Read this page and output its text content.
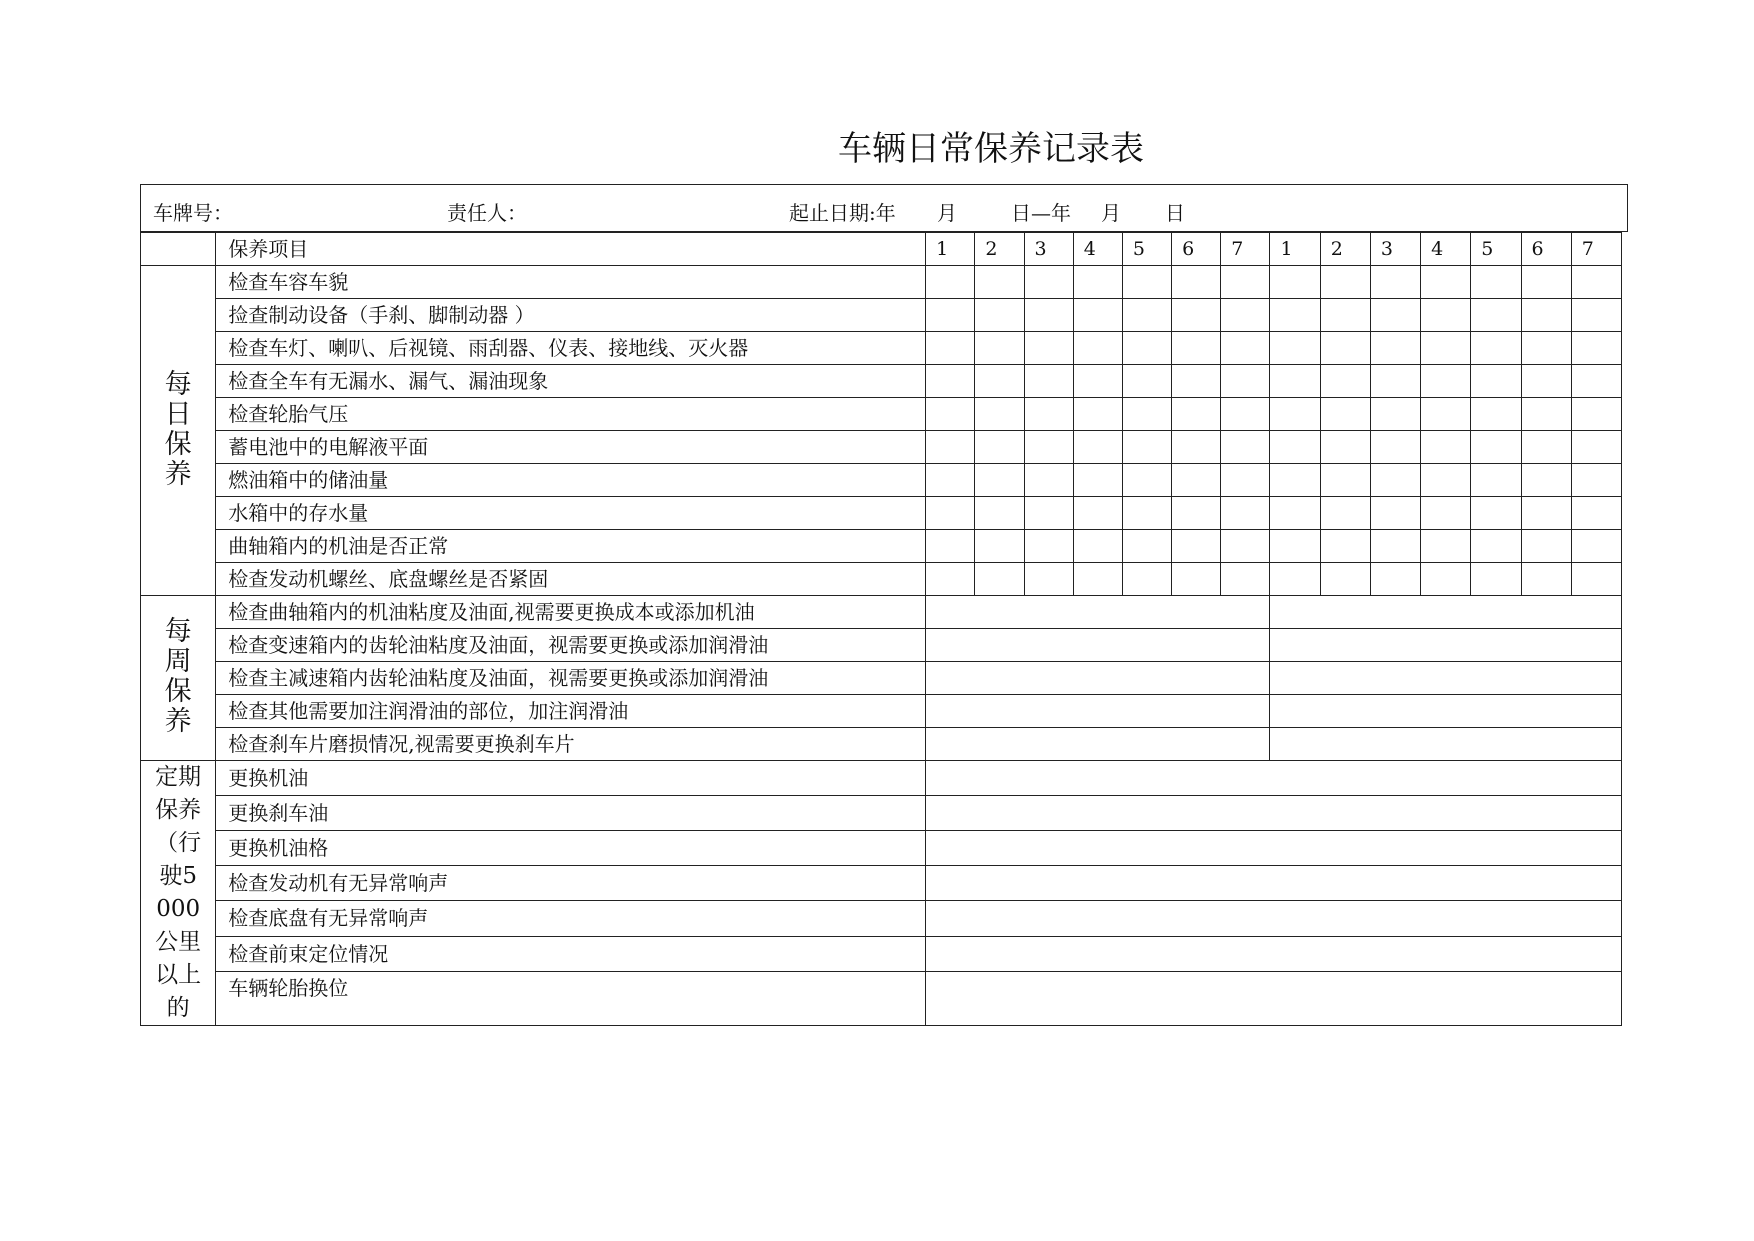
车辆日常保养记录表
车牌号：	责任人：	起止日期:年 月	日—年 月 日
	保养项目	1	2	3	4	5	6	7	1	2	3	4	5	6	7
每日保养	检查车容车貌														
	捡查制动设备（手刹、脚制动器 ）														
	检查车灯、喇叭、后视镜、雨刮器、仪表、接地线、灭火器														
	检查全车有无漏水、漏气、漏油现象														
	检查轮胎气压														
	蓄电池中的电解液平面														
	燃油箱中的储油量														
	水箱中的存水量														
	曲轴箱内的机油是否正常														
	检查发动机螺丝、底盘螺丝是否紧固														
每周保养	检查曲轴箱内的机油粘度及油面,视需要更换成本或添加机油														
	检查变速箱内的齿轮油粘度及油面，视需要更换或添加润滑油														
	检查主减速箱内齿轮油粘度及油面，视需要更换或添加润滑油														
	检查其他需要加注润滑油的部位，加注润滑油														
	检查刹车片磨损情况,视需要更换刹车片														
定期保养（行驶5000公里以上的	更换机油														
	更换刹车油														
	更换机油格														
	检查发动机有无异常响声														
	检查底盘有无异常响声														
	检查前束定位情况														
	车辆轮胎换位														
